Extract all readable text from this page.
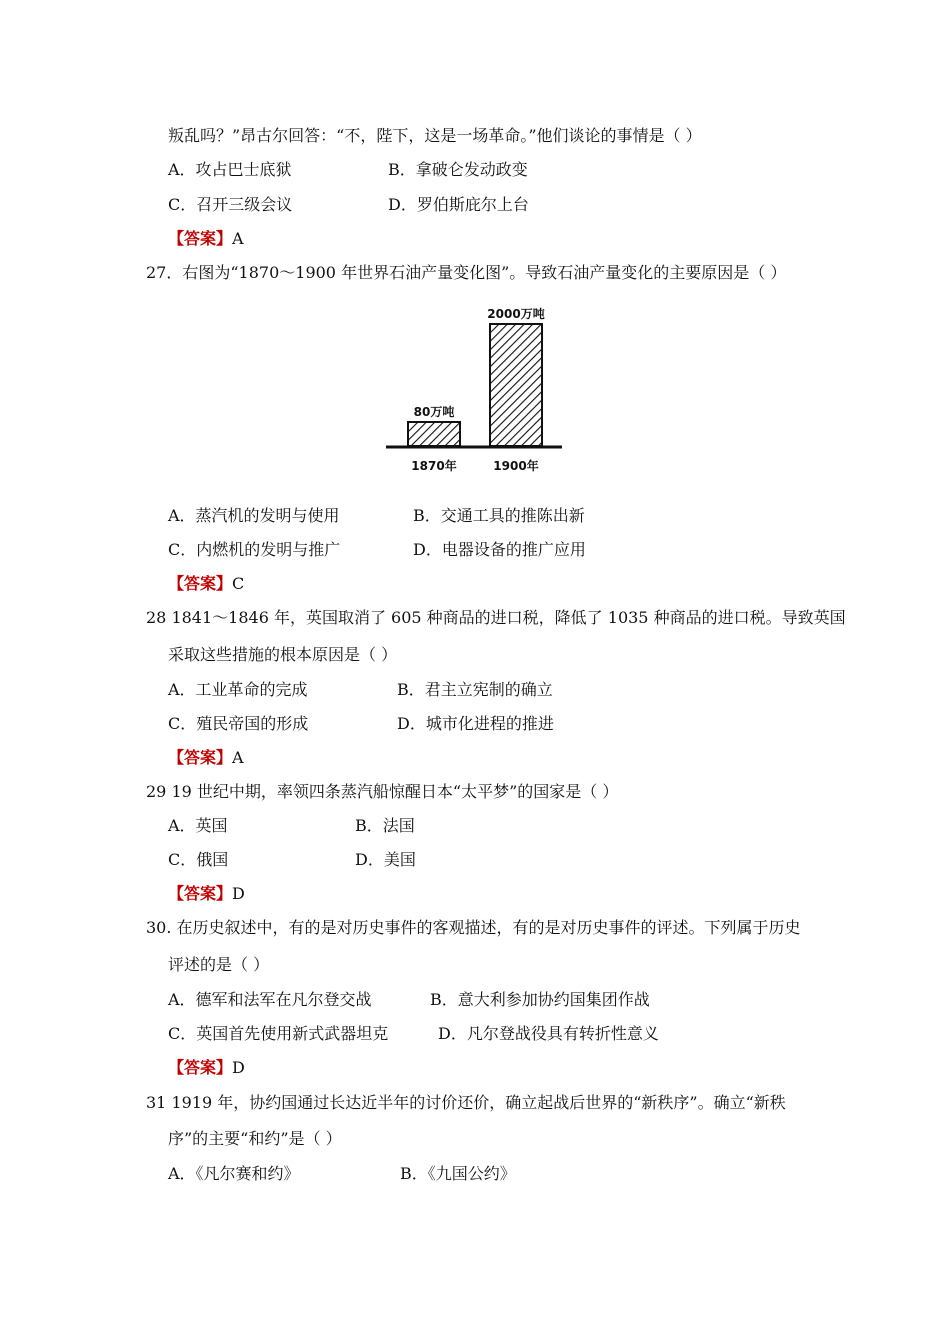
叛乱吗？”昂古尔回答：“不，陛下，这是一场革命。”他们谈论的事情是（ ）
A．攻占巴士底狱	B．拿破仑发动政变
C．召开三级会议	D．罗伯斯庇尔上台
【答案】A
27．右图为“1870～1900 年世界石油产量变化图”。导致石油产量变化的主要原因是（ ）
80万吨
1870年
2000万吨
1900年
A．蒸汽机的发明与使用	B．交通工具的推陈出新
C．内燃机的发明与推广	D．电器设备的推广应用
【答案】C
28 1841～1846 年，英国取消了 605 种商品的进口税，降低了 1035 种商品的进口税。导致英国
采取这些措施的根本原因是（ ）
A．工业革命的完成	B．君主立宪制的确立
C．殖民帝国的形成	D．城市化进程的推进
【答案】A
29 19 世纪中期，率领四条蒸汽船惊醒日本“太平梦”的国家是（ ）
A．英国	B．法国
C．俄国	D．美国
【答案】D
30. 在历史叙述中，有的是对历史事件的客观描述，有的是对历史事件的评述。下列属于历史
评述的是（ ）
A．德军和法军在凡尔登交战	B．意大利参加协约国集团作战
C．英国首先使用新式武器坦克	D．凡尔登战役具有转折性意义
【答案】D
31 1919 年，协约国通过长达近半年的讨价还价，确立起战后世界的“新秩序”。确立“新秩
序”的主要“和约”是（ ）
A．《凡尔赛和约》	B．《九国公约》
